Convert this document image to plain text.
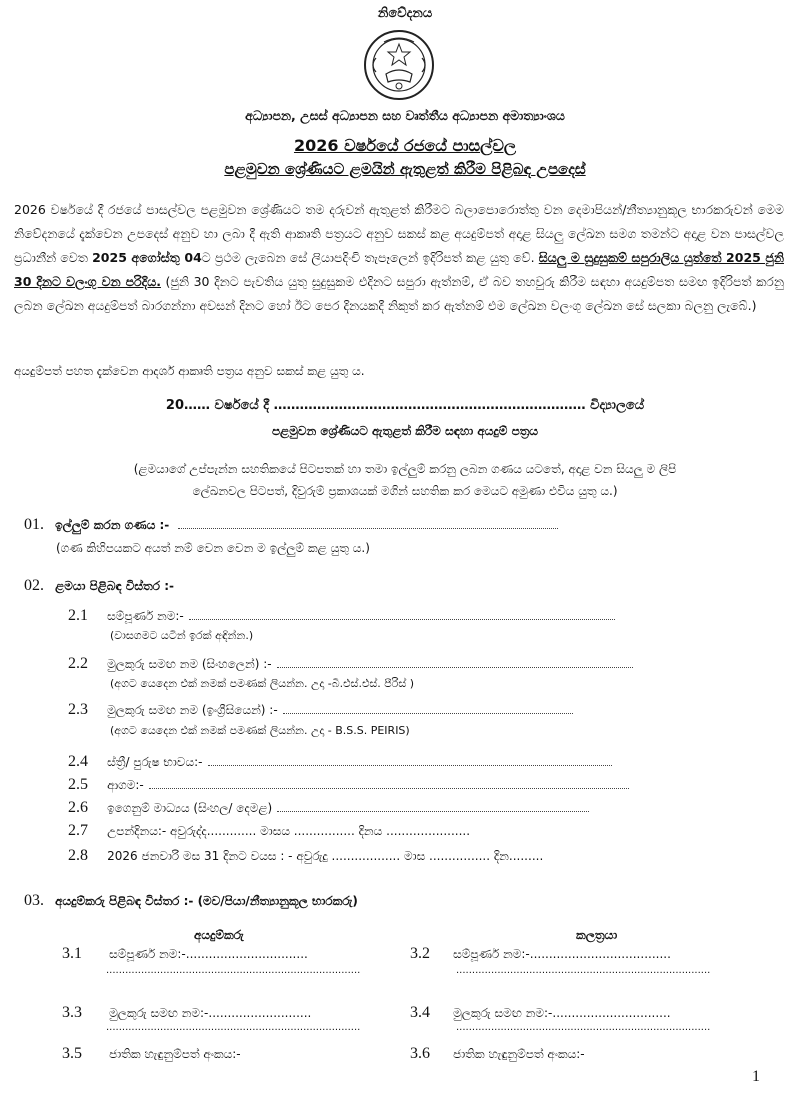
නිවේදනය
අධ්‍යාපන, උසස් අධ්‍යාපන සහ වෘත්තීය අධ්‍යාපන අමාත්‍යාංශය
2026 වර්ෂයේ රජයේ පාසල්වල
පළමුවන ශ්‍රේණියට ළමයින් ඇතුළත් කිරීම පිළිබඳ උපදෙස්
2026 වර්ෂයේ දී රජයේ පාසල්වල පළමුවන ශ්‍රේණියට තම දරුවන් ඇතුළත් කිරීමට බලාපොරොත්තු වන දෙමාපියන්/නීත්‍යානුකූල භාරකරුවන් මෙම නිවේදනයේ දැක්වෙන උපදෙස් අනුව හා ලබා දී ඇති ආකෘති පත්‍රයට අනුව සකස් කළ අයදුම්පත් අදාළ සියලු ලේඛන සමග තමන්ට අදාළ වන පාසල්වල ප්‍රධානීන් වෙත 2025 අගෝස්තු 04ට ප්‍රථම ලැබෙන සේ ලියාපදිංචි තැපෑලෙන් ඉදිරිපත් කළ යුතු වේ. සියලු ම සුදුසුකම් සපුරාලිය යුත්තේ 2025 ජුනි 30 දිනට වලංගු වන පරිදිය. (ජුනි 30 දිනට පැවතිය යුතු සුදුසුකම එදිනට සපුරා ඇත්නම්, ඒ බව තහවුරු කිරීම සඳහා අයදුම්පත සමඟ ඉදිරිපත් කරනු ලබන ලේඛන අයදුම්පත් බාරගන්නා අවසන් දිනට හෝ ඊට පෙර දිනයකදී නිකුත් කර ඇත්නම් එම ලේඛන වලංගු ලේඛන සේ සලකා බලනු ලැබේ.)
අයදුම්පත් පහත දැක්වෙන ආදර්ශ ආකෘති පත්‍රය අනුව සකස් කළ යුතු ය.
20…… වර්ෂයේ දී ……………………………………………………………… විද්‍යාලයේ
පළමුවන ශ්‍රේණියට ඇතුළත් කිරීම සඳහා අයදුම් පත්‍රය
(ළමයාගේ උප්පැන්න සහතිකයේ පිටපතක් හා තමා ඉල්ලුම් කරනු ලබන ගණය යටතේ, අදාළ වන සියලු ම ලිපි
ලේඛනවල පිටපත්, දිවුරුම් ප්‍රකාශයක් මගින් සහතික කර මෙයට අමුණා එවිය යුතු ය.)
01. ඉල්ලුම් කරන ගණය :-
(ගණ කිහිපයකට අයත් නම් වෙන වෙන ම ඉල්ලුම් කළ යුතු ය.)
02. ළමයා පිළිබඳ විස්තර :-
2.1 සම්පූර්ණ නම:-
(වාසගමට යටින් ඉරක් අඳින්න.)
2.2 මුලකුරු සමඟ නම (සිංහලෙන්) :-
(අගට යෙදෙන එක් නමක් පමණක් ලියන්න. උදා -බී.එස්.එස්. පීරිස් )
2.3 මුලකුරු සමඟ නම (ඉංග්‍රීසියෙන්) :-
(අගට යෙදෙන එක් නමක් පමණක් ලියන්න. උදා - B.S.S. PEIRIS)
2.4 ස්ත්‍රී/ පුරුෂ භාවය:-
2.5 ආගම:-
2.6 ඉගෙනුම් මාධ්‍යය (සිංහල/ දෙමළ)
2.7 උපන්දිනය:- අවුරුද්ද............. මාසය ................ දිනය ......................
2.8 2026 ජනවාරි මස 31 දිනට වයස : - අවුරුදු .................. මාස ................ දින.........
03. අයදුම්කරු පිළිබඳ විස්තර :- (මව/පියා/නීත්‍යානුකූල භාරකරු)
අයදුම්කරු	කලත්‍රයා
3.1 සම්පූර්ණ නම:-................................
................................................................................
3.2 සම්පූර්ණ නම:-.....................................
................................................................................
3.3 මුලකුරු සමඟ නම:-...........................
................................................................................
3.4 මුලකුරු සමඟ නම:-...............................
................................................................................
3.5 ජාතික හැඳුනුම්පත් අංකය:-	3.6 ජාතික හැඳුනුම්පත් අංකය:-
1
